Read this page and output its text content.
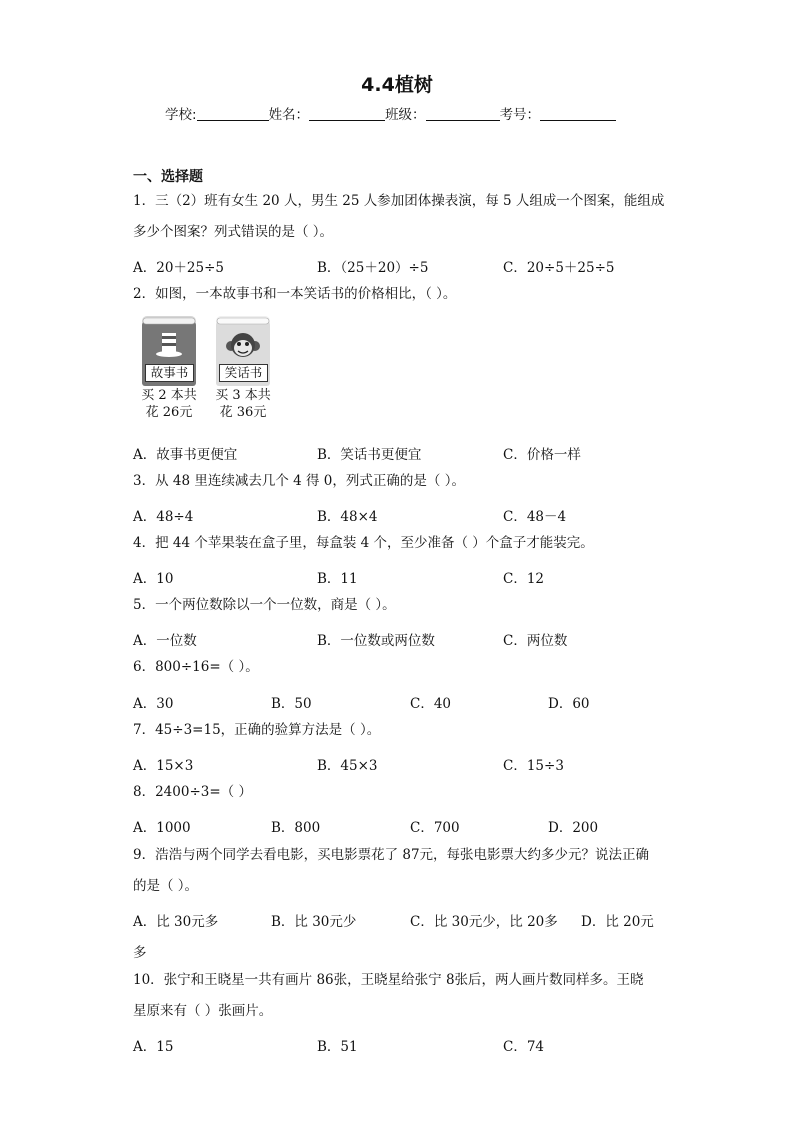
4.4植树
学校:	姓名：	班级：	考号：
一、选择题
1．三（2）班有女生 20 人，男生 25 人参加团体操表演，每 5 人组成一个图案，能组成
多少个图案？列式错误的是（ ）。
A．20＋25÷5	B．（25＋20）÷5	C．20÷5＋25÷5
2．如图，一本故事书和一本笑话书的价格相比，（ ）。
故事书
买 2 本共
花 26元
笑话书
买 3 本共
花 36元
A．故事书更便宜	B．笑话书更便宜	C．价格一样
3．从 48 里连续减去几个 4 得 0，列式正确的是（ ）。
A．48÷4	B．48×4	C．48－4
4．把 44 个苹果装在盒子里，每盒装 4 个，至少准备（ ）个盒子才能装完。
A．10	B．11	C．12
5．一个两位数除以一个一位数，商是（ ）。
A．一位数	B．一位数或两位数	C．两位数
6．800÷16=（ ）。
A．30	B．50	C．40	D．60
7．45÷3=15，正确的验算方法是（ ）。
A．15×3	B．45×3	C．15÷3
8．2400÷3=（ ）
A．1000	B．800	C．700	D．200
9．浩浩与两个同学去看电影，买电影票花了 87元，每张电影票大约多少元？说法正确
的是（ ）。
A．比 30元多	B．比 30元少	C．比 30元少，比 20多 D．比 20元
多
10．张宁和王晓星一共有画片 86张，王晓星给张宁 8张后，两人画片数同样多。王晓
星原来有（ ）张画片。
A．15	B．51	C．74
